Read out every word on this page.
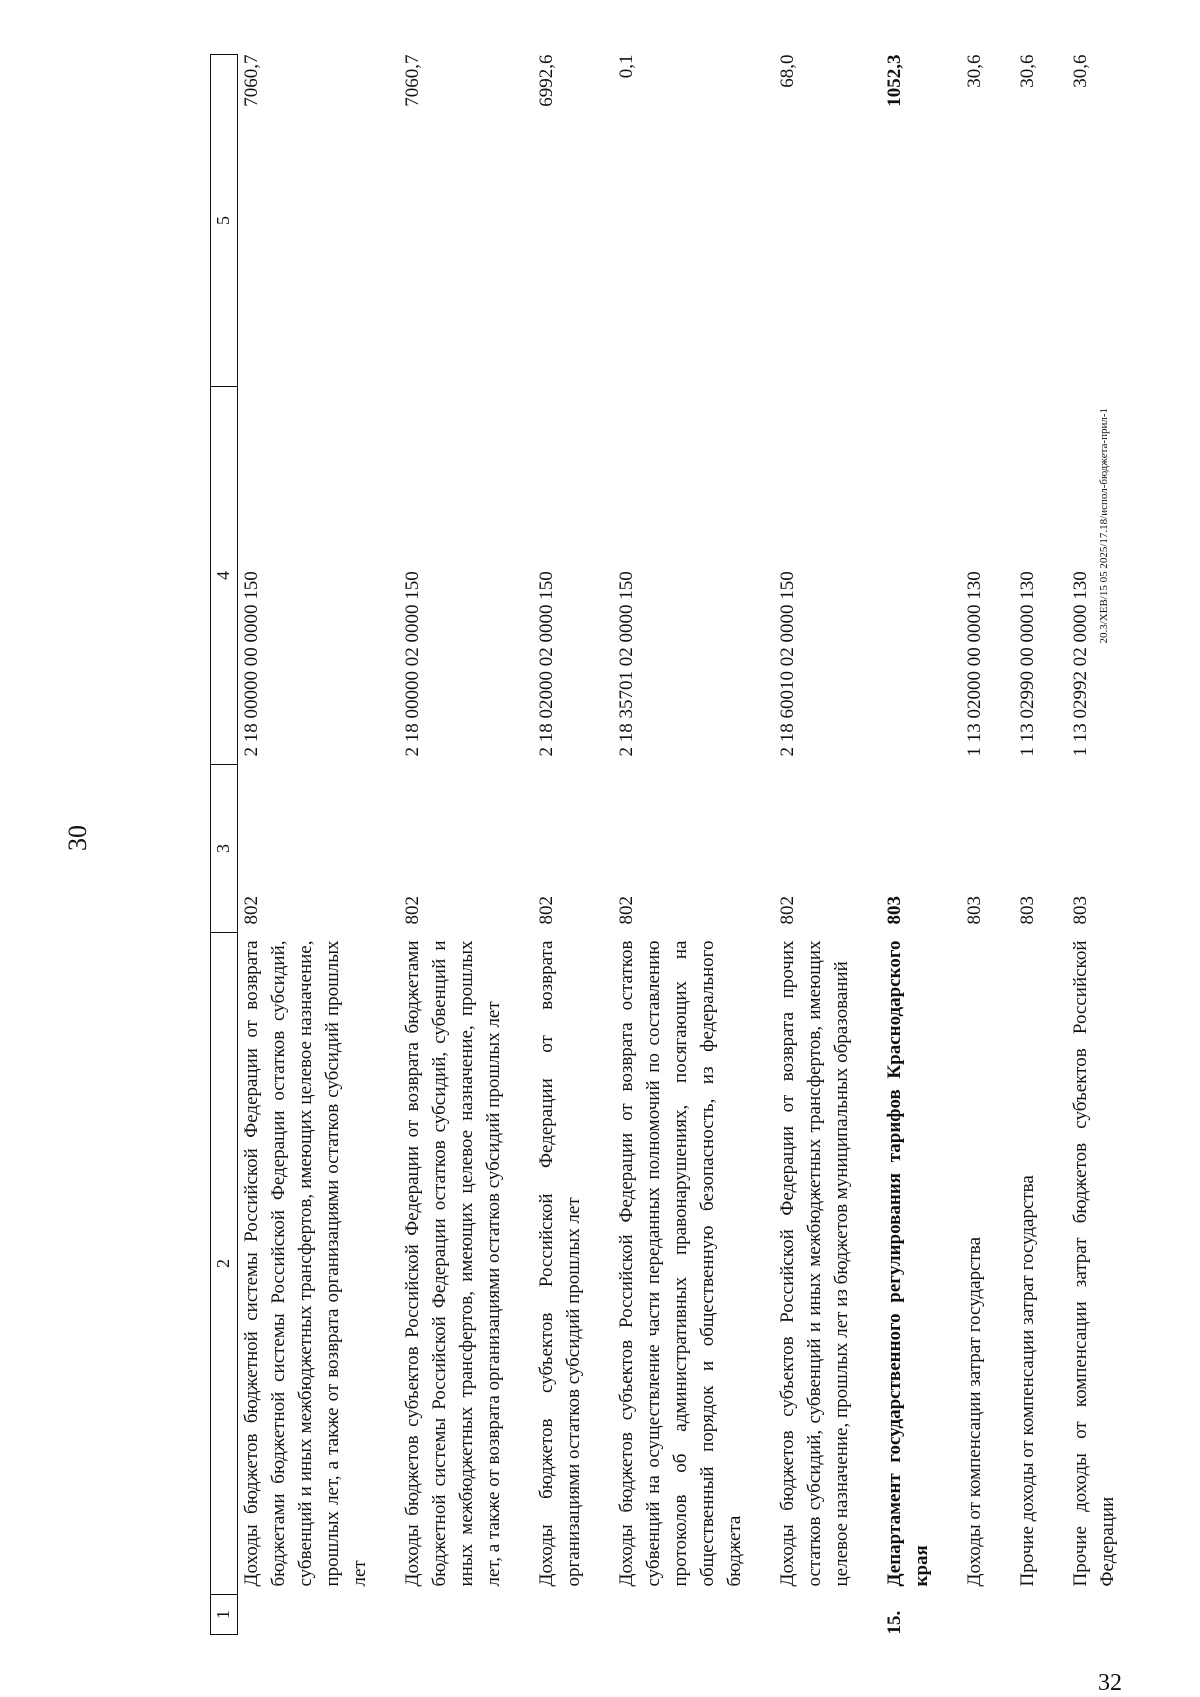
30
1	2	3	4	5
	Доходы бюджетов бюджетной системы Российской Федерации от возврата бюджетами бюджетной системы Российской Федерации остатков субсидий, субвенций и иных межбюджетных трансфертов, имеющих целевое назначение, прошлых лет, а также от возврата организациями остатков субсидий прошлых лет	802	2 18 00000 00 0000 150	7060,7
	Доходы бюджетов субъектов Российской Федерации от возврата бюджетами бюджетной системы Российской Федерации остатков субсидий, субвенций и иных межбюджетных трансфертов, имеющих целевое назначение, прошлых лет, а также от возврата организациями остатков субсидий прошлых лет	802	2 18 00000 02 0000 150	7060,7
	Доходы бюджетов субъектов Российской Федерации от возврата организациями остатков субсидий прошлых лет	802	2 18 02000 02 0000 150	6992,6
	Доходы бюджетов субъектов Российской Федерации от возврата остатков субвенций на осуществление части переданных полномочий по составлению протоколов об административных правонарушениях, посягающих на общественный порядок и общественную безопасность, из федерального бюджета	802	2 18 35701 02 0000 150	0,1
	Доходы бюджетов субъектов Российской Федерации от возврата прочих остатков субсидий, субвенций и иных межбюджетных трансфертов, имеющих целевое назначение, прошлых лет из бюджетов муниципальных образований	802	2 18 60010 02 0000 150	68,0
15.	Департамент государственного регулирования тарифов Краснодарского края	803		1052,3
	Доходы от компенсации затрат государства	803	1 13 02000 00 0000 130	30,6
	Прочие доходы от компенсации затрат государства	803	1 13 02990 00 0000 130	30,6
	Прочие доходы от компенсации затрат бюджетов субъектов Российской Федерации	803	1 13 02992 02 0000 130	30,6
20.3/XEB/15 05 2025/17.18/испол-бюджета-прил-1
32
